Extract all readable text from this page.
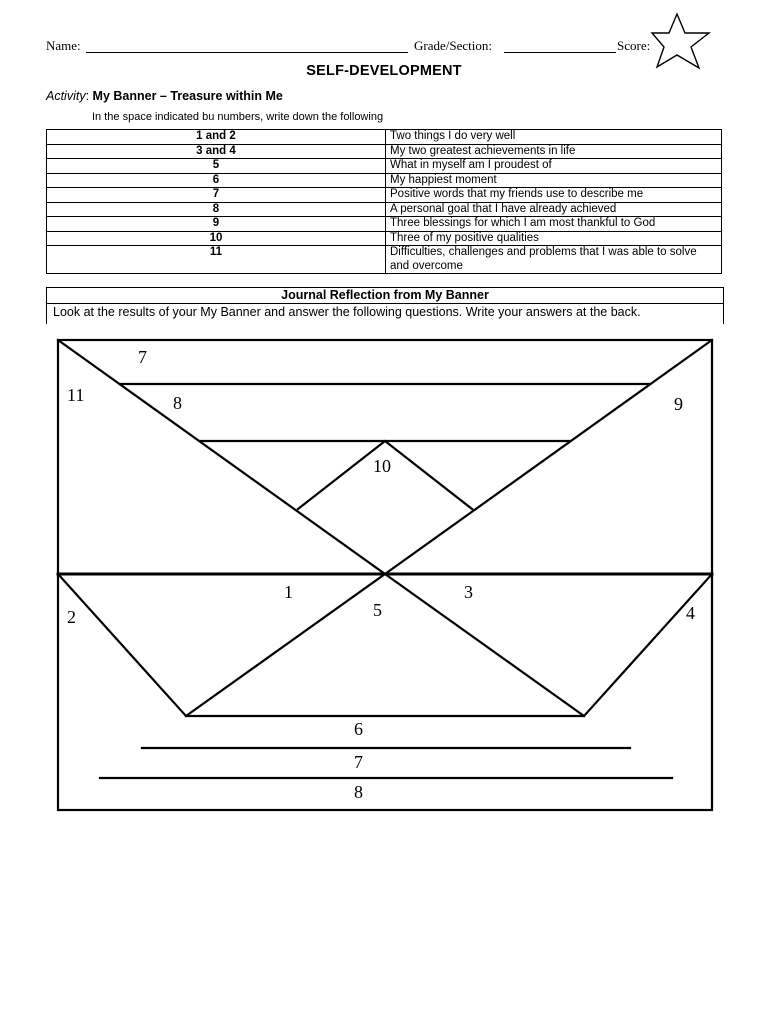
Name:	Grade/Section:	Score:
SELF-DEVELOPMENT
Activity: My Banner – Treasure within Me
In the space indicated bu numbers, write down the following
1 and 2	Two things I do very well
3 and 4	My two greatest achievements in life
5	What in myself am I proudest of
6	My happiest moment
7	Positive words that my friends use to describe me
8	A personal goal that I have already achieved
9	Three blessings for which I am most thankful to God
10	Three of my positive qualities
11	Difficulties, challenges and problems that I was able to solve and overcome
Journal Reflection from My Banner
Look at the results of your My Banner and answer the following questions. Write your answers at the back.
7
11	8	9
10
1	3
5
2	4
6
7
8
